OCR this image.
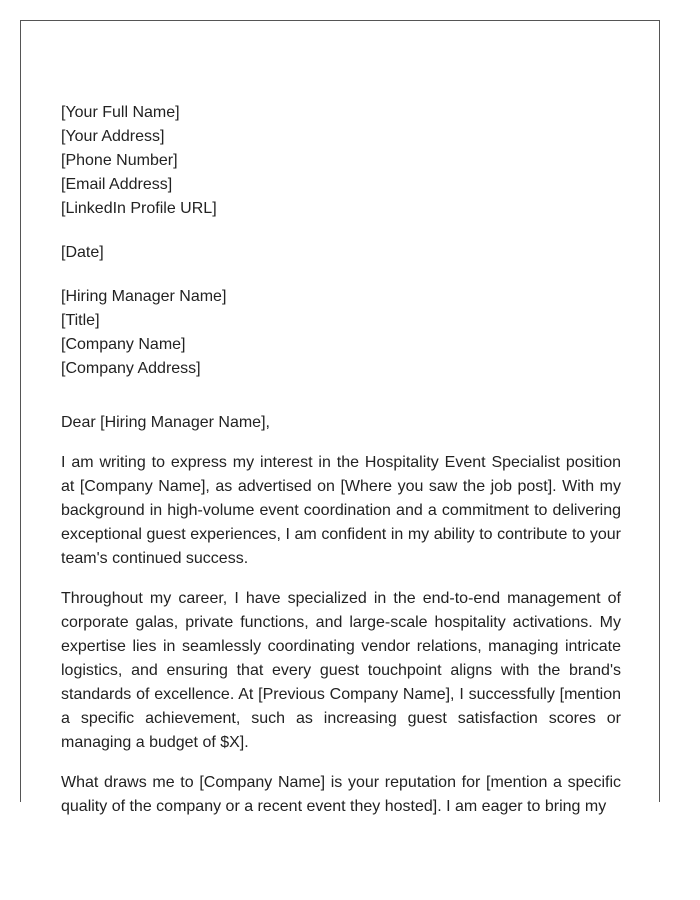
[Your Full Name]
[Your Address]
[Phone Number]
[Email Address]
[LinkedIn Profile URL]
[Date]
[Hiring Manager Name]
[Title]
[Company Name]
[Company Address]
Dear [Hiring Manager Name],

I am writing to express my interest in the Hospitality Event Specialist position at [Company Name], as advertised on [Where you saw the job post]. With my background in high-volume event coordination and a commitment to delivering exceptional guest experiences, I am confident in my ability to contribute to your team's continued success.

Throughout my career, I have specialized in the end-to-end management of corporate galas, private functions, and large-scale hospitality activations. My expertise lies in seamlessly coordinating vendor relations, managing intricate logistics, and ensuring that every guest touchpoint aligns with the brand's standards of excellence. At [Previous Company Name], I successfully [mention a specific achievement, such as increasing guest satisfaction scores or managing a budget of $X].

What draws me to [Company Name] is your reputation for [mention a specific quality of the company or a recent event they hosted]. I am eager to bring my
